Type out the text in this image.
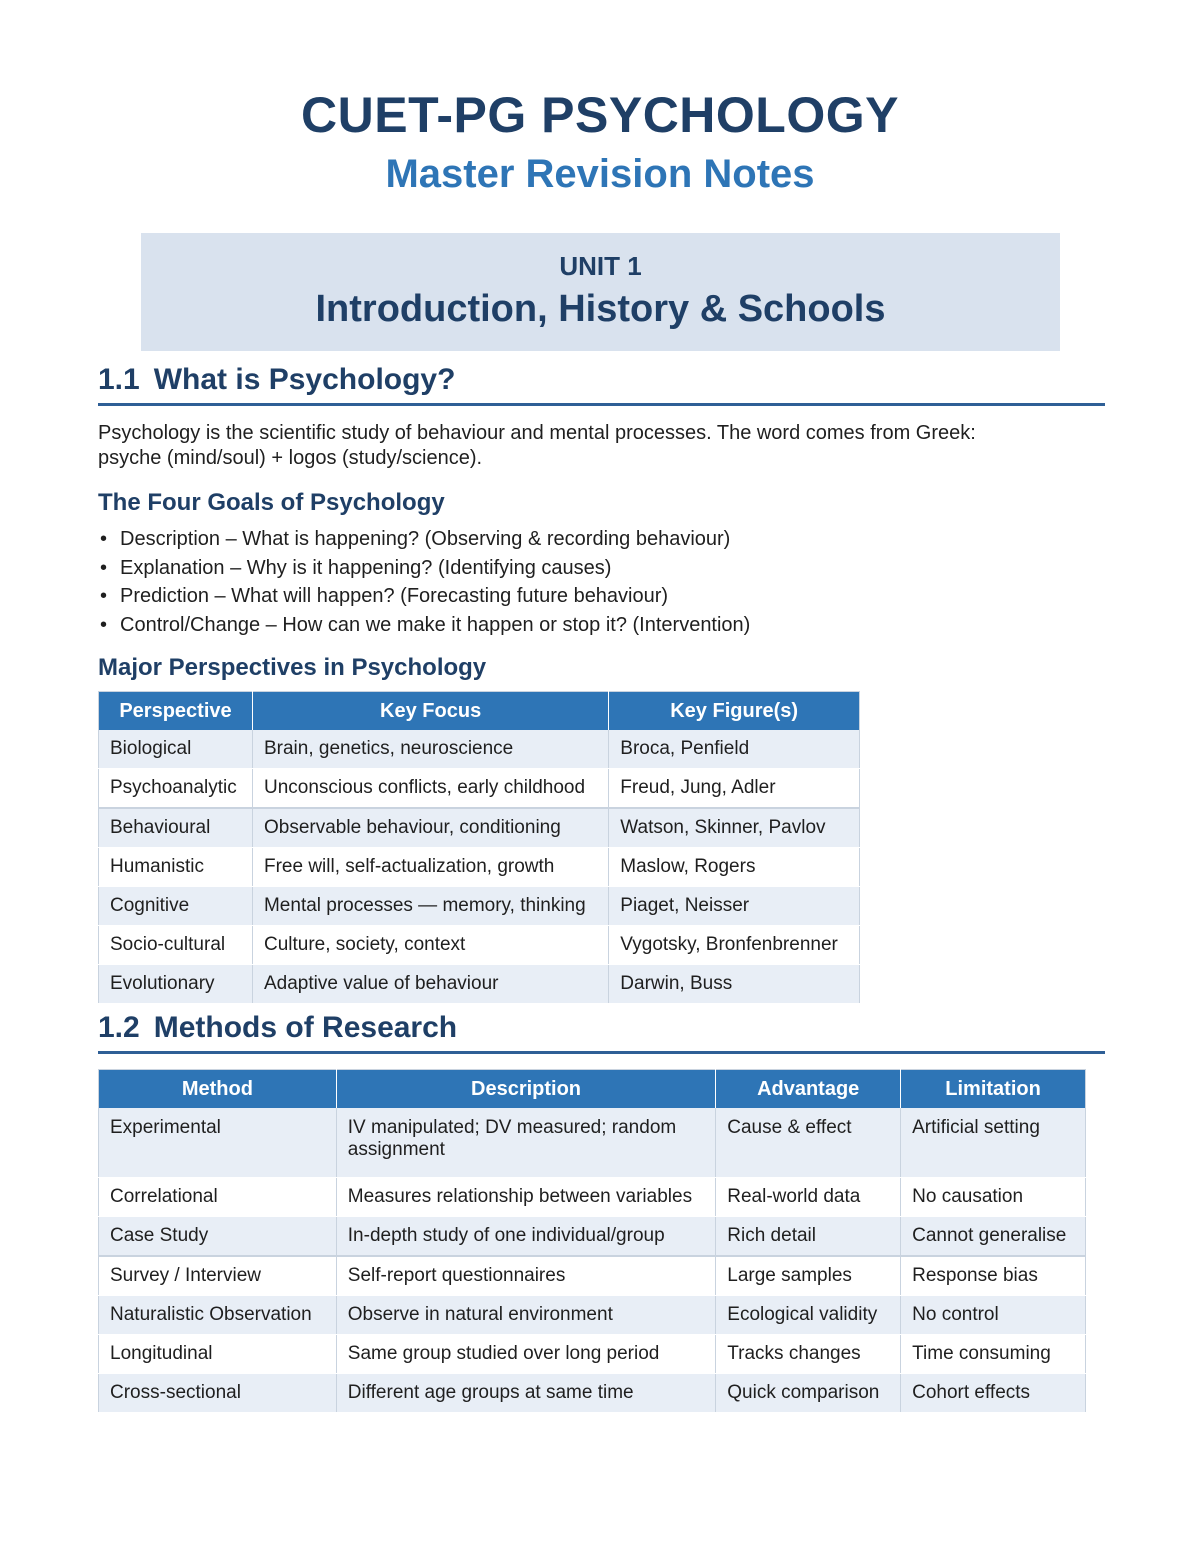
CUET-PG PSYCHOLOGY
Master Revision Notes
UNIT 1
Introduction, History & Schools
1.1 What is Psychology?
Psychology is the scientific study of behaviour and mental processes. The word comes from Greek:
psyche (mind/soul) + logos (study/science).
The Four Goals of Psychology
• Description – What is happening? (Observing & recording behaviour)
• Explanation – Why is it happening? (Identifying causes)
• Prediction – What will happen? (Forecasting future behaviour)
• Control/Change – How can we make it happen or stop it? (Intervention)
Major Perspectives in Psychology
Perspective	Key Focus	Key Figure(s)
Biological	Brain, genetics, neuroscience	Broca, Penfield
Psychoanalytic	Unconscious conflicts, early childhood	Freud, Jung, Adler
Behavioural	Observable behaviour, conditioning	Watson, Skinner, Pavlov
Humanistic	Free will, self-actualization, growth	Maslow, Rogers
Cognitive	Mental processes — memory, thinking	Piaget, Neisser
Socio-cultural	Culture, society, context	Vygotsky, Bronfenbrenner
Evolutionary	Adaptive value of behaviour	Darwin, Buss
1.2 Methods of Research
Method	Description	Advantage	Limitation
Experimental	IV manipulated; DV measured; random assignment	Cause & effect	Artificial setting
Correlational	Measures relationship between variables	Real-world data	No causation
Case Study	In-depth study of one individual/group	Rich detail	Cannot generalise
Survey / Interview	Self-report questionnaires	Large samples	Response bias
Naturalistic Observation	Observe in natural environment	Ecological validity	No control
Longitudinal	Same group studied over long period	Tracks changes	Time consuming
Cross-sectional	Different age groups at same time	Quick comparison	Cohort effects
